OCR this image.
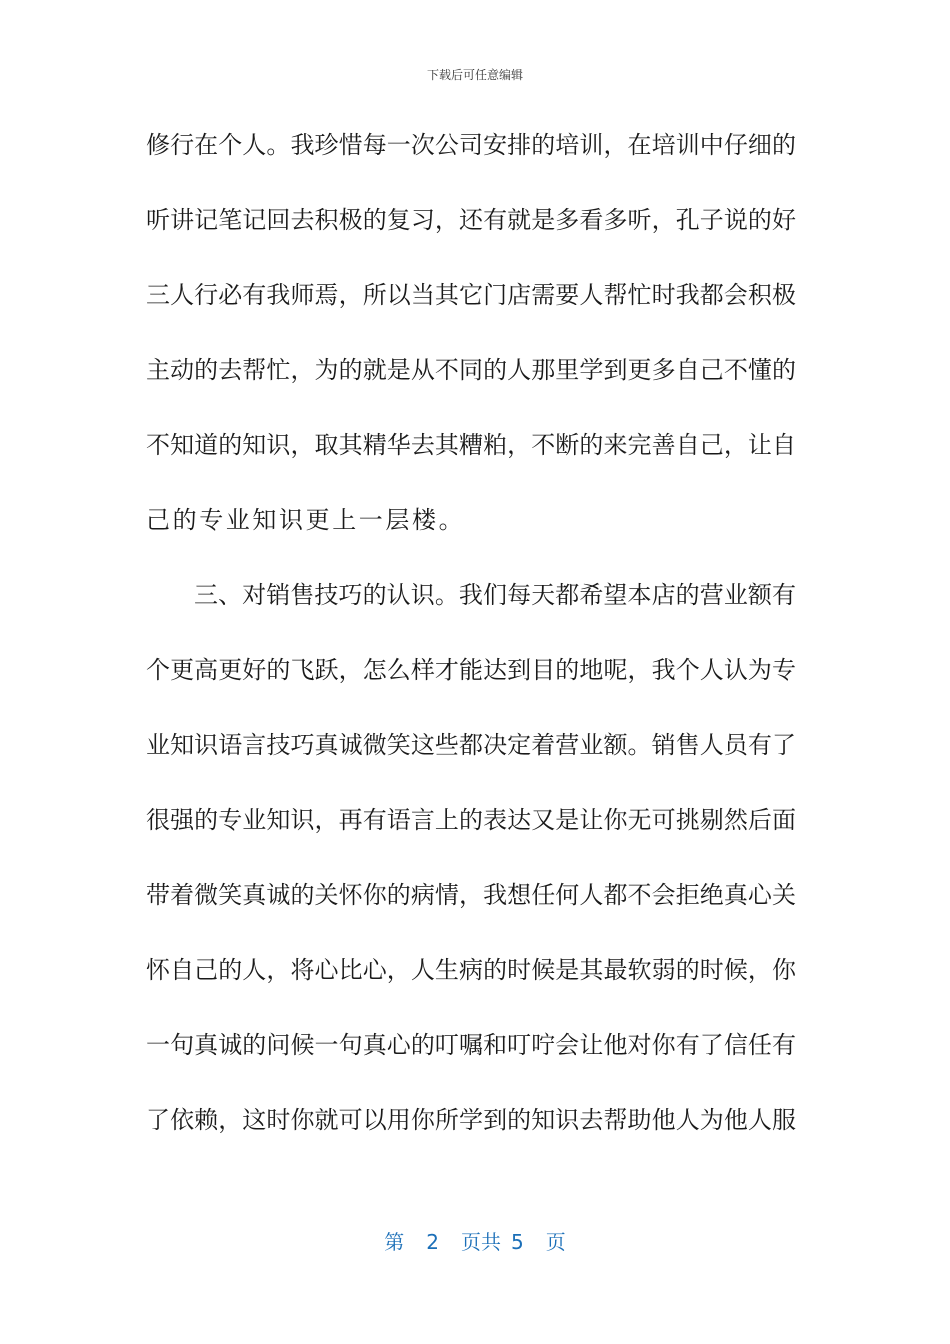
下载后可任意编辑
修行在个人。我珍惜每一次公司安排的培训，在培训中仔细的
听讲记笔记回去积极的复习，还有就是多看多听，孔子说的好
三人行必有我师焉，所以当其它门店需要人帮忙时我都会积极
主动的去帮忙，为的就是从不同的人那里学到更多自己不懂的
不知道的知识，取其精华去其糟粕，不断的来完善自己，让自
己的专业知识更上一层楼。
三、对销售技巧的认识。我们每天都希望本店的营业额有
个更高更好的飞跃，怎么样才能达到目的地呢，我个人认为专
业知识语言技巧真诚微笑这些都决定着营业额。销售人员有了
很强的专业知识，再有语言上的表达又是让你无可挑剔然后面
带着微笑真诚的关怀你的病情，我想任何人都不会拒绝真心关
怀自己的人，将心比心，人生病的时候是其最软弱的时候，你
一句真诚的问候一句真心的叮嘱和叮咛会让他对你有了信任有
了依赖，这时你就可以用你所学到的知识去帮助他人为他人服
第 2 页共 5 页
